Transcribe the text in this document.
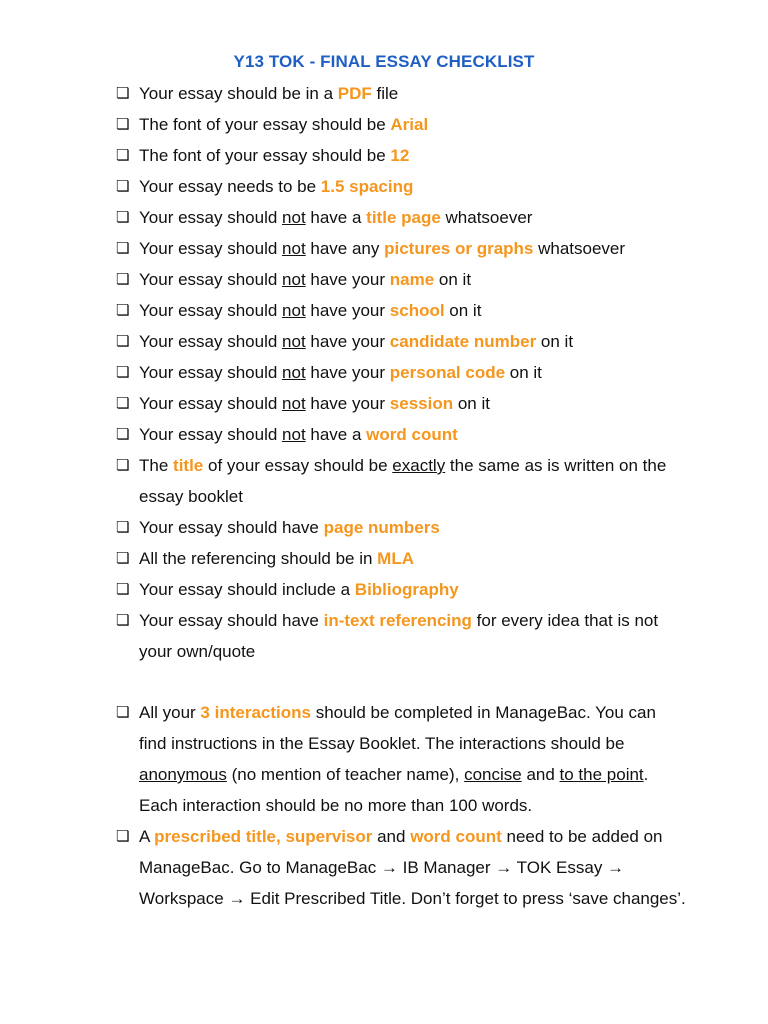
Y13 TOK - FINAL ESSAY CHECKLIST
❏ Your essay should be in a PDF file
❏ The font of your essay should be Arial
❏ The font of your essay should be 12
❏ Your essay needs to be 1.5 spacing
❏ Your essay should not have a title page whatsoever
❏ Your essay should not have any pictures or graphs whatsoever
❏ Your essay should not have your name on it
❏ Your essay should not have your school on it
❏ Your essay should not have your candidate number on it
❏ Your essay should not have your personal code on it
❏ Your essay should not have your session on it
❏ Your essay should not have a word count
❏ The title of your essay should be exactly the same as is written on the essay booklet
❏ Your essay should have page numbers
❏ All the referencing should be in MLA
❏ Your essay should include a Bibliography
❏ Your essay should have in-text referencing for every idea that is not your own/quote
❏ All your 3 interactions should be completed in ManageBac. You can find instructions in the Essay Booklet. The interactions should be anonymous (no mention of teacher name), concise and to the point. Each interaction should be no more than 100 words.
❏ A prescribed title, supervisor and word count need to be added on ManageBac. Go to ManageBac → IB Manager → TOK Essay → Workspace → Edit Prescribed Title. Don’t forget to press ‘save changes’.
